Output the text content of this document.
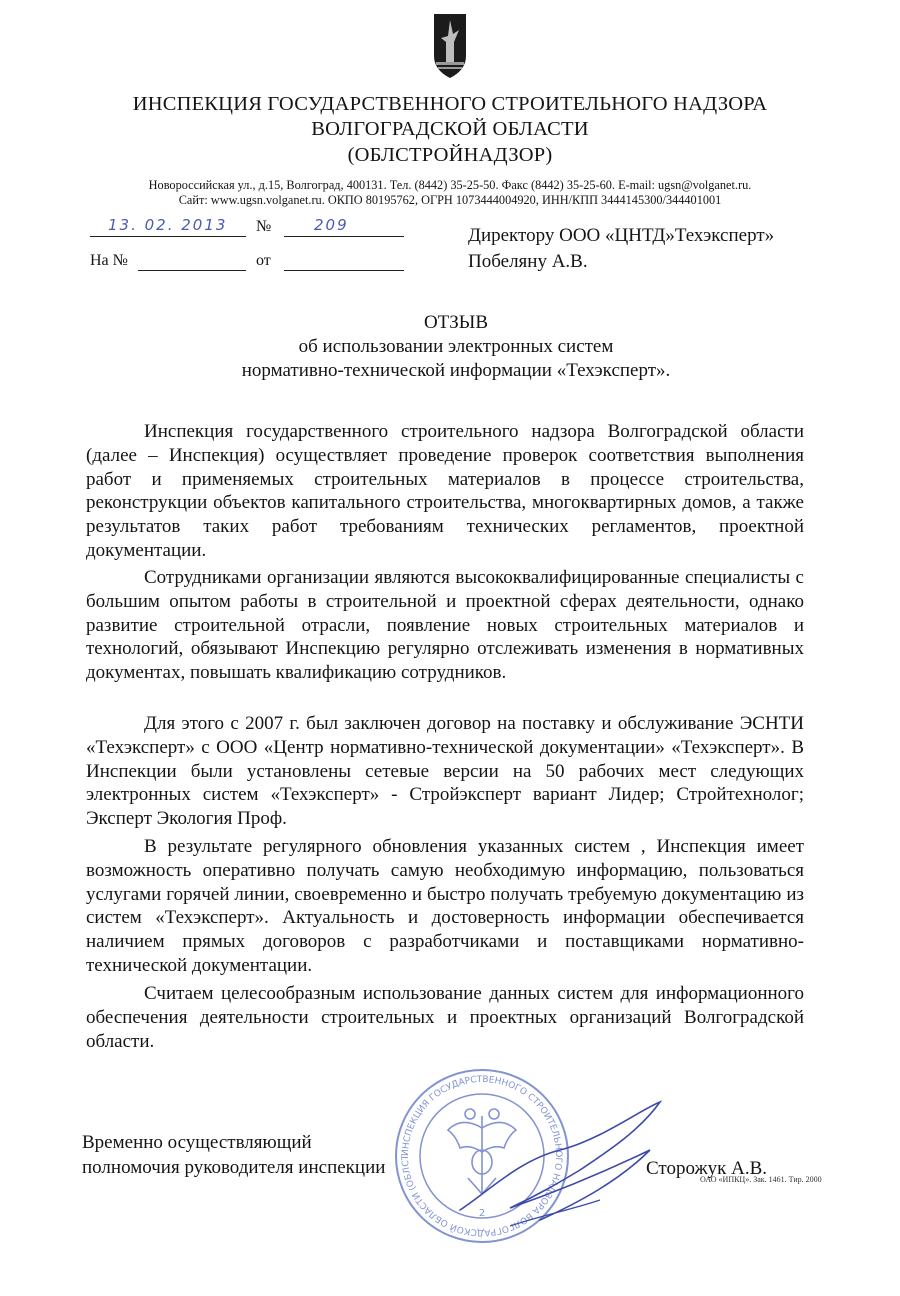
ИНСПЕКЦИЯ ГОСУДАРСТВЕННОГО СТРОИТЕЛЬНОГО НАДЗОРА
ВОЛГОГРАДСКОЙ ОБЛАСТИ
(ОБЛСТРОЙНАДЗОР)
Новороссийская ул., д.15, Волгоград, 400131. Тел. (8442) 35-25-50. Факс (8442) 35-25-60. E-mail: ugsn@volganet.ru.
Сайт: www.ugsn.volganet.ru. ОКПО 80195762, ОГРН 1073444004920, ИНН/КПП 3444145300/344401001
13. 02. 2013 №	209
На №	от
Директору ООО «ЦНТД»Техэксперт»
Побеляну А.В.
ОТЗЫВ
об использовании электронных систем
нормативно-технической информации «Техэксперт».

Инспекция государственного строительного надзора Волгоградской области (далее – Инспекция) осуществляет проведение проверок соответствия выполнения работ и применяемых строительных материалов в процессе строительства, реконструкции объектов капитального строительства, многоквартирных домов, а также результатов таких работ требованиям технических регламентов, проектной документации.

Сотрудниками организации являются высококвалифицированные специалисты с большим опытом работы в строительной и проектной сферах деятельности, однако развитие строительной отрасли, появление новых строительных материалов и технологий, обязывают Инспекцию регулярно отслеживать изменения в нормативных документах, повышать квалификацию сотрудников.

Для этого с 2007 г. был заключен договор на поставку и обслуживание ЭСНТИ «Техэксперт» с ООО «Центр нормативно-технической документации» «Техэксперт». В Инспекции были установлены сетевые версии на 50 рабочих мест следующих электронных систем «Техэксперт» - Стройэксперт вариант Лидер; Стройтехнолог; Эксперт Экология Проф.

В результате регулярного обновления указанных систем , Инспекция имеет возможность оперативно получать самую необходимую информацию, пользоваться услугами горячей линии, своевременно и быстро получать требуемую документацию из систем «Техэксперт». Актуальность и достоверность информации обеспечивается наличием прямых договоров с разработчиками и поставщиками нормативно-технической документации.

Считаем целесообразным использование данных систем для информационного обеспечения деятельности строительных и проектных организаций Волгоградской области.

ИНСПЕКЦИЯ ГОСУДАРСТВЕННОГО СТРОИТЕЛЬНОГО НАДЗОРА ВОЛГОГРАДСКОЙ ОБЛАСТИ (ОБЛСТ
2
Временно осуществляющий
полномочия руководителя инспекции	Сторожук А.В.
ОАО «ИПКЦ». Зак. 1461. Тир. 2000
